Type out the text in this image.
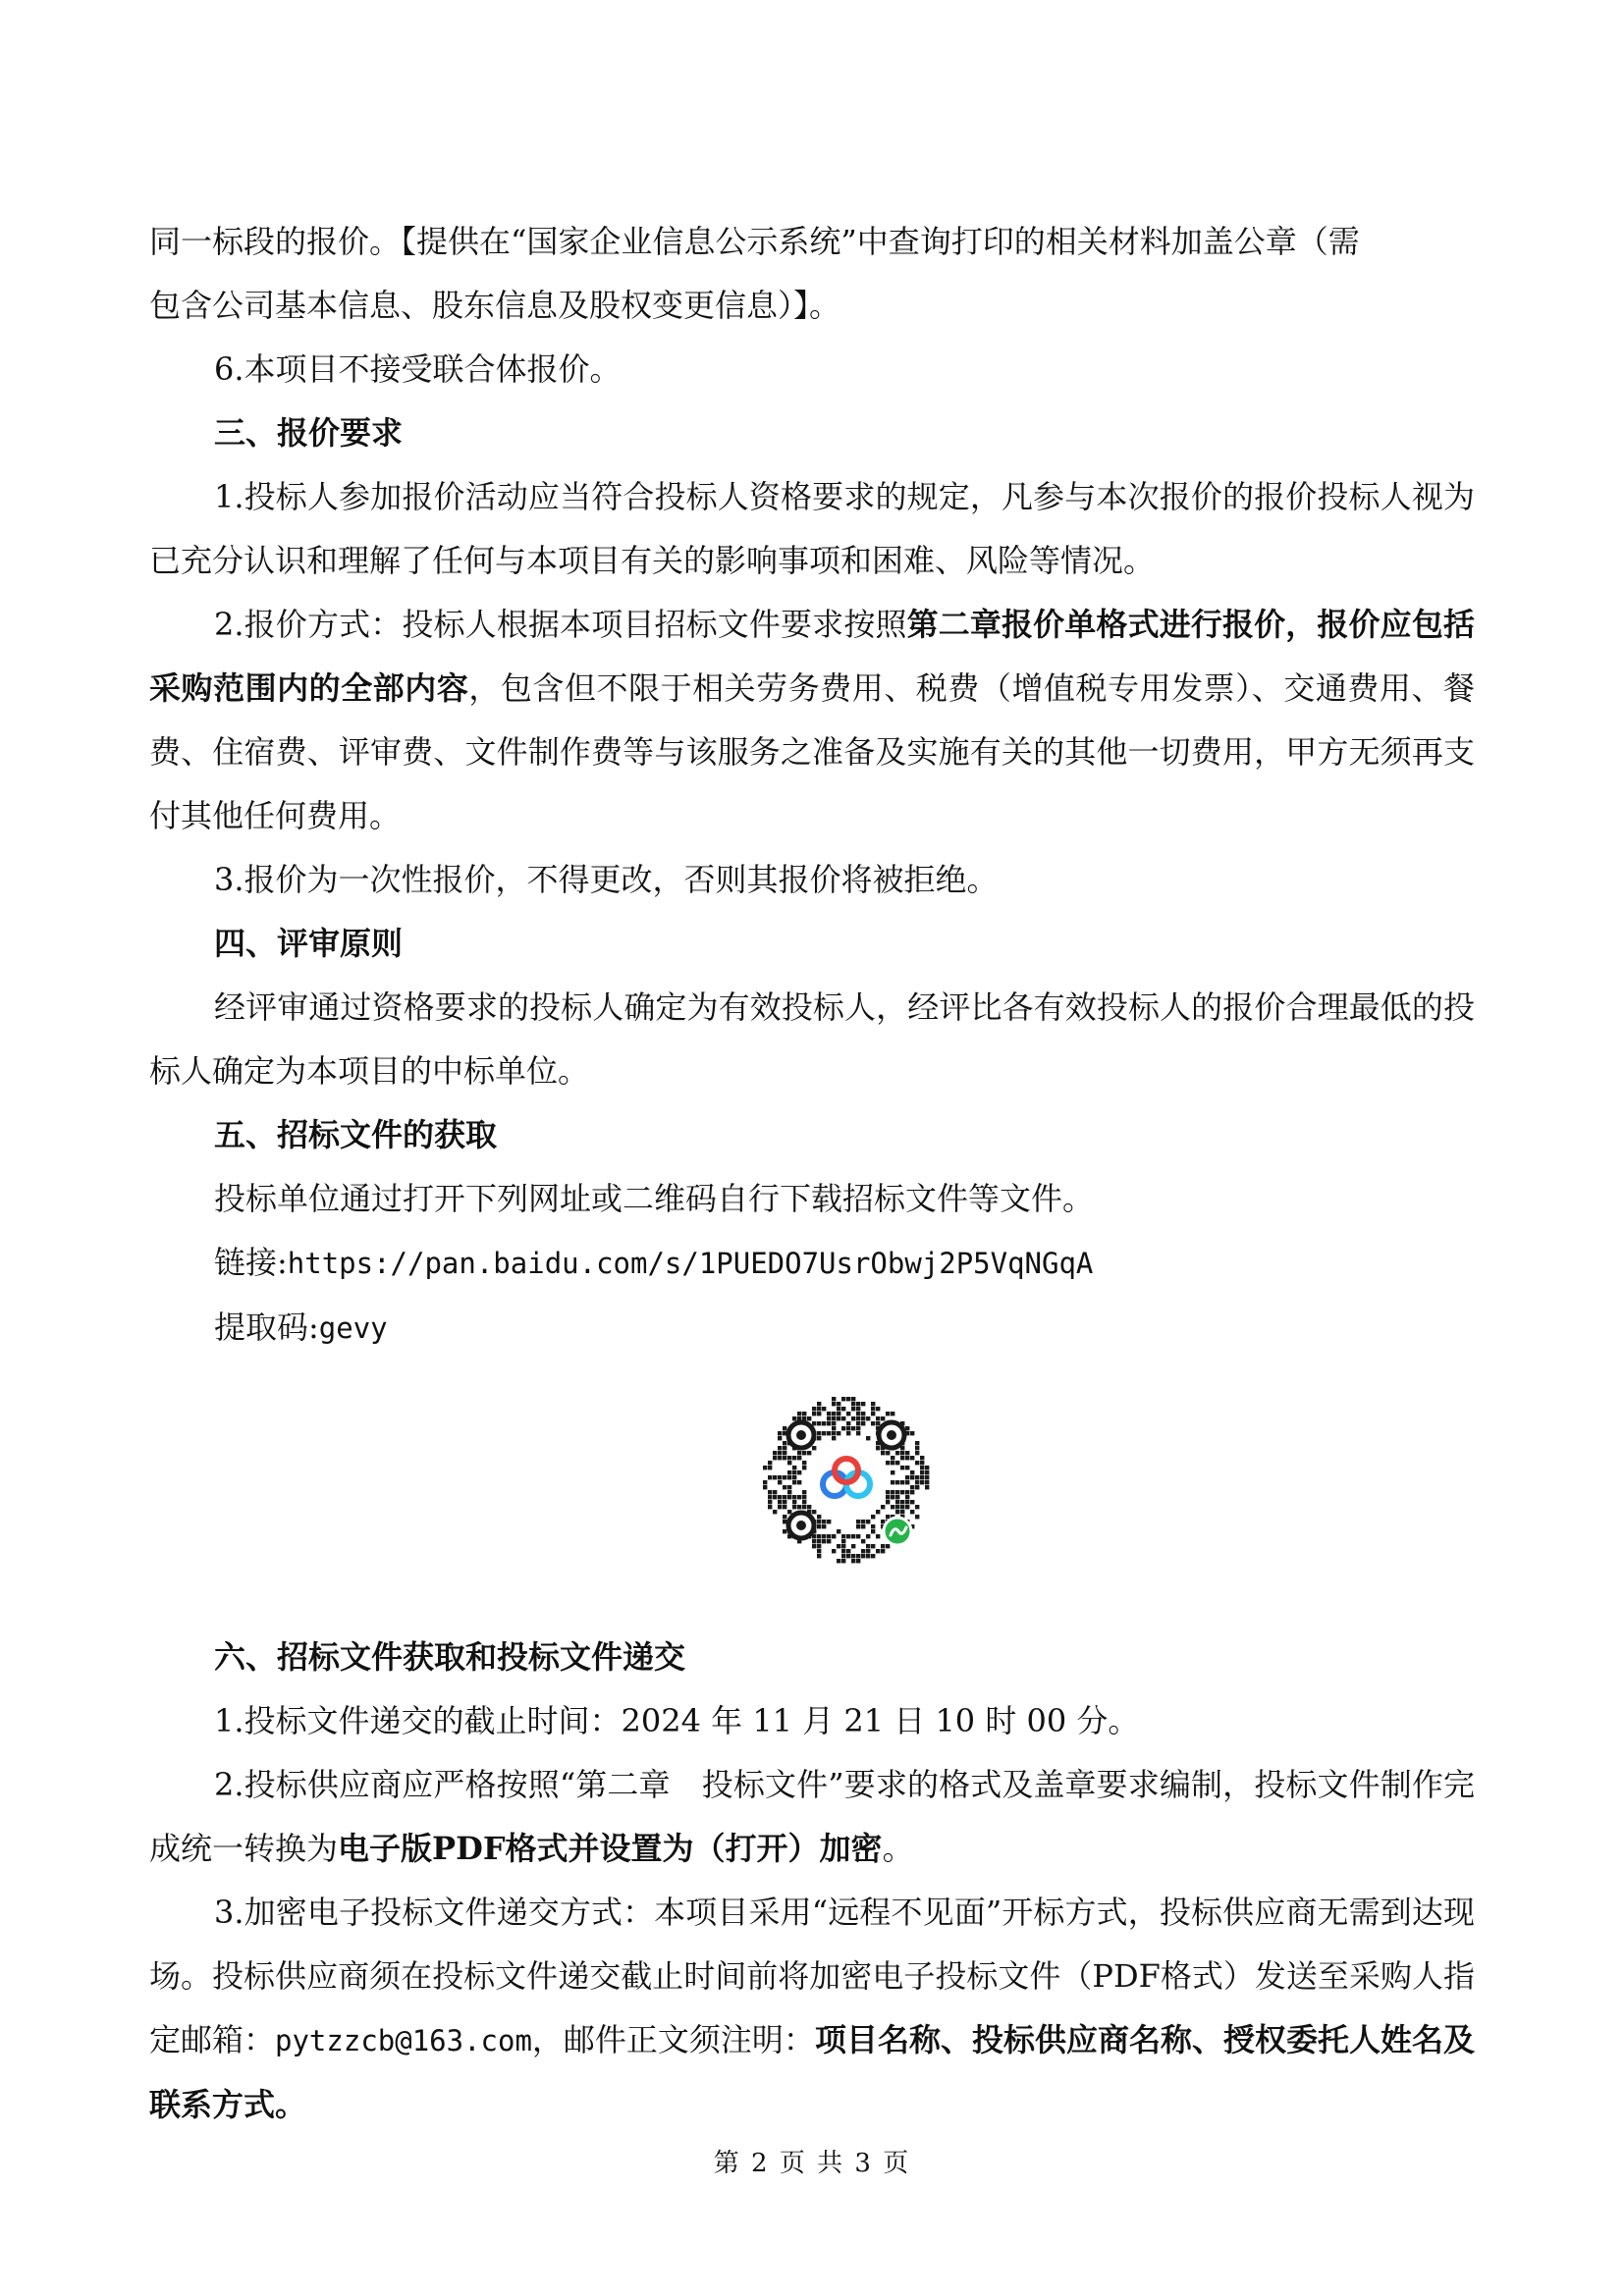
同一标段的报价。【提供在“国家企业信息公示系统”中查询打印的相关材料加盖公章（需
包含公司基本信息、股东信息及股权变更信息）】。

6.本项目不接受联合体报价。

三、报价要求

1.投标人参加报价活动应当符合投标人资格要求的规定，凡参与本次报价的报价投标人视为已充分认识和理解了任何与本项目有关的影响事项和困难、风险等情况。

2.报价方式：投标人根据本项目招标文件要求按照第二章报价单格式进行报价，报价应包括采购范围内的全部内容，包含但不限于相关劳务费用、税费（增值税专用发票）、交通费用、餐费、住宿费、评审费、文件制作费等与该服务之准备及实施有关的其他一切费用，甲方无须再支付其他任何费用。

3.报价为一次性报价，不得更改，否则其报价将被拒绝。

四、评审原则

经评审通过资格要求的投标人确定为有效投标人，经评比各有效投标人的报价合理最低的投标人确定为本项目的中标单位。

五、招标文件的获取

投标单位通过打开下列网址或二维码自行下载招标文件等文件。

链接:https://pan.baidu.com/s/1PUEDO7UsrObwj2P5VqNGqA

提取码:gevy

六、招标文件获取和投标文件递交

1.投标文件递交的截止时间：2024 年 11 月 21 日 10 时 00 分。

2.投标供应商应严格按照“第二章　投标文件”要求的格式及盖章要求编制，投标文件制作完成统一转换为电子版PDF格式并设置为（打开）加密。

3.加密电子投标文件递交方式：本项目采用“远程不见面”开标方式，投标供应商无需到达现场。投标供应商须在投标文件递交截止时间前将加密电子投标文件（PDF格式）发送至采购人指定邮箱：pytzzcb@163.com，邮件正文须注明：项目名称、投标供应商名称、授权委托人姓名及联系方式。

第 2 页 共 3 页
